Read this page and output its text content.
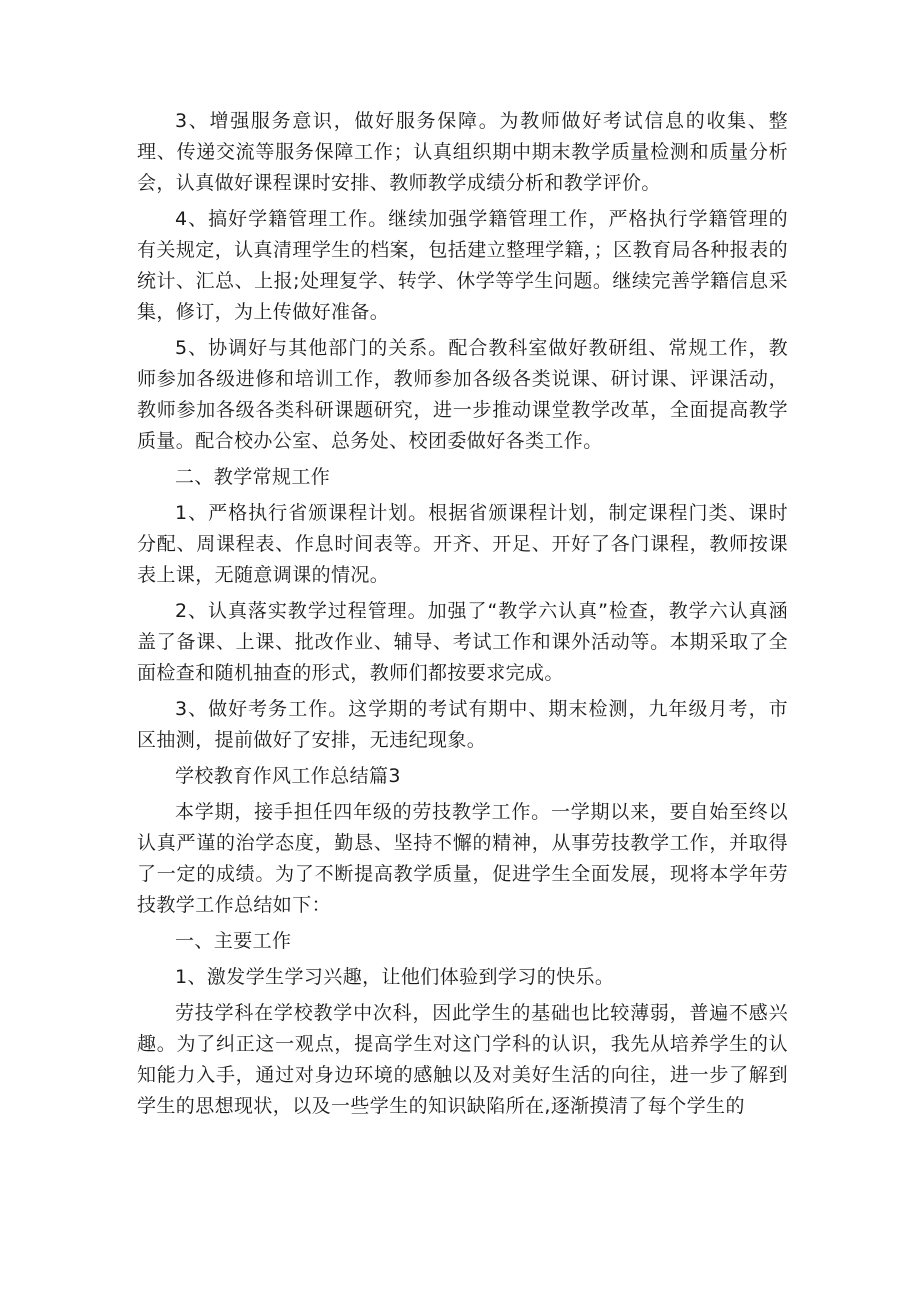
3、增强服务意识，做好服务保障。为教师做好考试信息的收集、整理、传递交流等服务保障工作；认真组织期中期末教学质量检测和质量分析会，认真做好课程课时安排、教师教学成绩分析和教学评价。

4、搞好学籍管理工作。继续加强学籍管理工作，严格执行学籍管理的有关规定，认真清理学生的档案，包括建立整理学籍，；区教育局各种报表的统计、汇总、上报;处理复学、转学、休学等学生问题。继续完善学籍信息采集，修订，为上传做好准备。

5、协调好与其他部门的关系。配合教科室做好教研组、常规工作，教师参加各级进修和培训工作，教师参加各级各类说课、研讨课、评课活动，教师参加各级各类科研课题研究，进一步推动课堂教学改革，全面提高教学质量。配合校办公室、总务处、校团委做好各类工作。

二、教学常规工作

1、严格执行省颁课程计划。根据省颁课程计划，制定课程门类、课时分配、周课程表、作息时间表等。开齐、开足、开好了各门课程，教师按课表上课，无随意调课的情况。

2、认真落实教学过程管理。加强了“教学六认真”检查，教学六认真涵盖了备课、上课、批改作业、辅导、考试工作和课外活动等。本期采取了全面检查和随机抽查的形式，教师们都按要求完成。

3、做好考务工作。这学期的考试有期中、期末检测，九年级月考，市区抽测，提前做好了安排，无违纪现象。

学校教育作风工作总结篇3

本学期，接手担任四年级的劳技教学工作。一学期以来，要自始至终以认真严谨的治学态度，勤恳、坚持不懈的精神，从事劳技教学工作，并取得了一定的成绩。为了不断提高教学质量，促进学生全面发展，现将本学年劳技教学工作总结如下：

一、主要工作

1、激发学生学习兴趣，让他们体验到学习的快乐。

劳技学科在学校教学中次科，因此学生的基础也比较薄弱，普遍不感兴趣。为了纠正这一观点，提高学生对这门学科的认识，我先从培养学生的认知能力入手，通过对身边环境的感触以及对美好生活的向往，进一步了解到学生的思想现状，以及一些学生的知识缺陷所在,逐渐摸清了每个学生的
